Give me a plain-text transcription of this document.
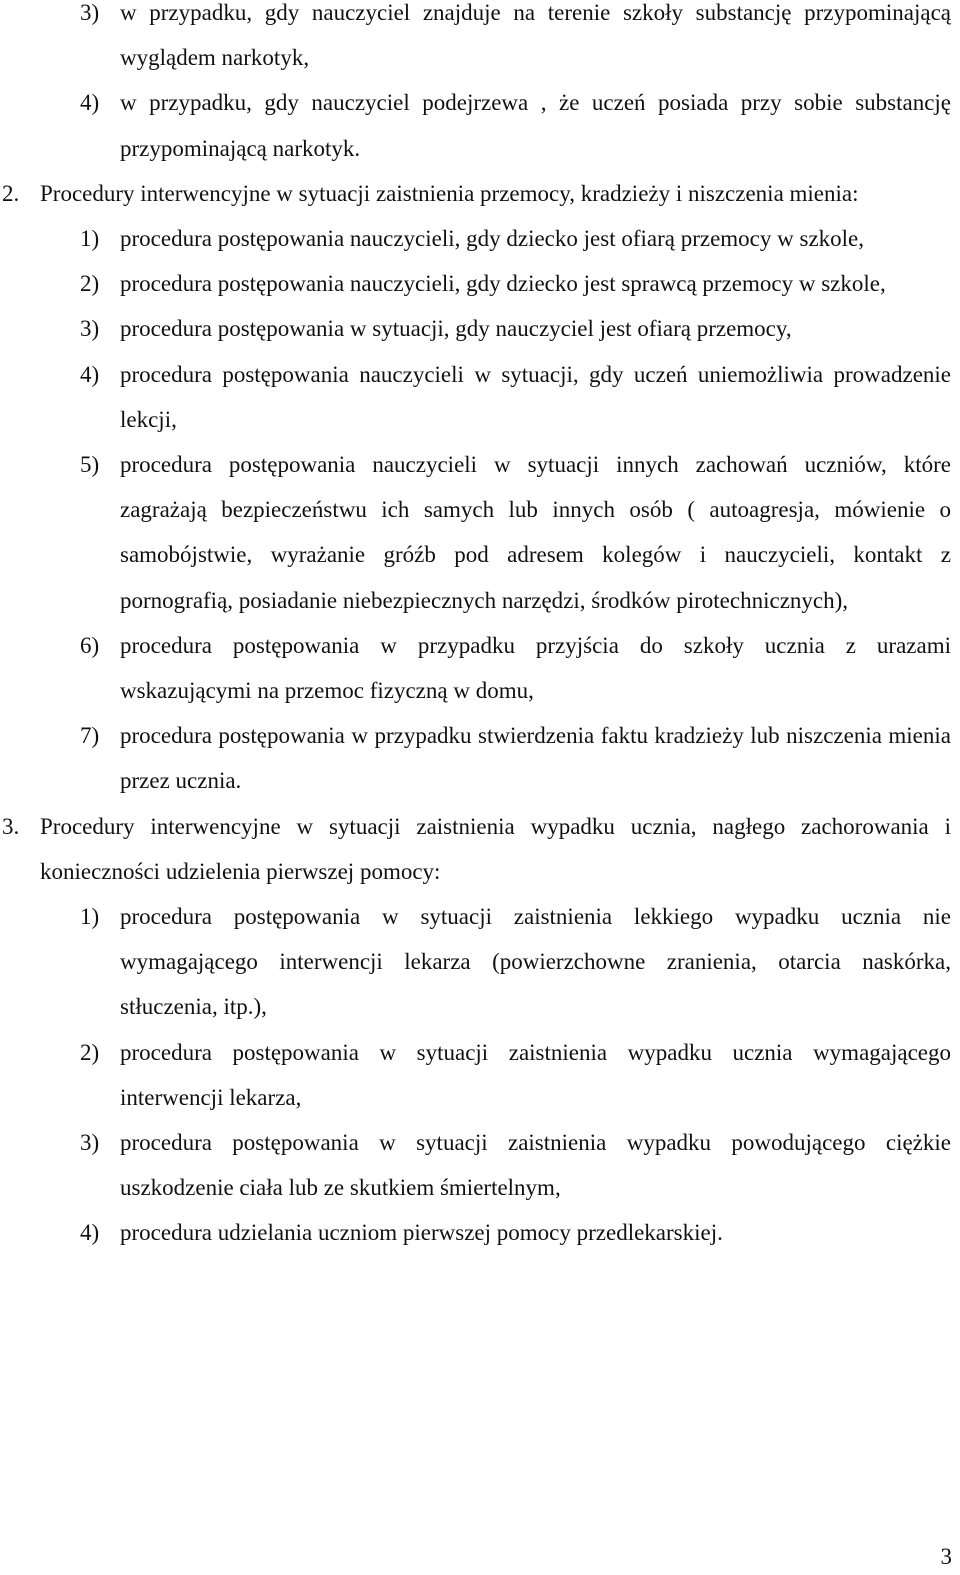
3) w przypadku, gdy nauczyciel znajduje na terenie szkoły substancję przypominającą wyglądem narkotyk,

4) w przypadku, gdy nauczyciel podejrzewa , że uczeń posiada przy sobie substancję przypominającą narkotyk.

2. Procedury interwencyjne w sytuacji zaistnienia przemocy, kradzieży i niszczenia mienia:

1) procedura postępowania nauczycieli, gdy dziecko jest ofiarą przemocy w szkole,

2) procedura postępowania nauczycieli, gdy dziecko jest sprawcą przemocy w szkole,

3) procedura postępowania w sytuacji, gdy nauczyciel jest ofiarą przemocy,

4) procedura postępowania nauczycieli w sytuacji, gdy uczeń uniemożliwia prowadzenie lekcji,

5) procedura postępowania nauczycieli w sytuacji innych zachowań uczniów, które zagrażają bezpieczeństwu ich samych lub innych osób ( autoagresja, mówienie o samobójstwie, wyrażanie gróźb pod adresem kolegów i nauczycieli, kontakt z pornografią, posiadanie niebezpiecznych narzędzi, środków pirotechnicznych),

6) procedura postępowania w przypadku przyjścia do szkoły ucznia z urazami wskazującymi na przemoc fizyczną w domu,

7) procedura postępowania w przypadku stwierdzenia faktu kradzieży lub niszczenia mienia przez ucznia.

3. Procedury interwencyjne w sytuacji zaistnienia wypadku ucznia, nagłego zachorowania i konieczności udzielenia pierwszej pomocy:

1) procedura postępowania w sytuacji zaistnienia lekkiego wypadku ucznia nie wymagającego interwencji lekarza (powierzchowne zranienia, otarcia naskórka, stłuczenia, itp.),

2) procedura postępowania w sytuacji zaistnienia wypadku ucznia wymagającego interwencji lekarza,

3) procedura postępowania w sytuacji zaistnienia wypadku powodującego ciężkie uszkodzenie ciała lub ze skutkiem śmiertelnym,

4) procedura udzielania uczniom pierwszej pomocy przedlekarskiej.

3
